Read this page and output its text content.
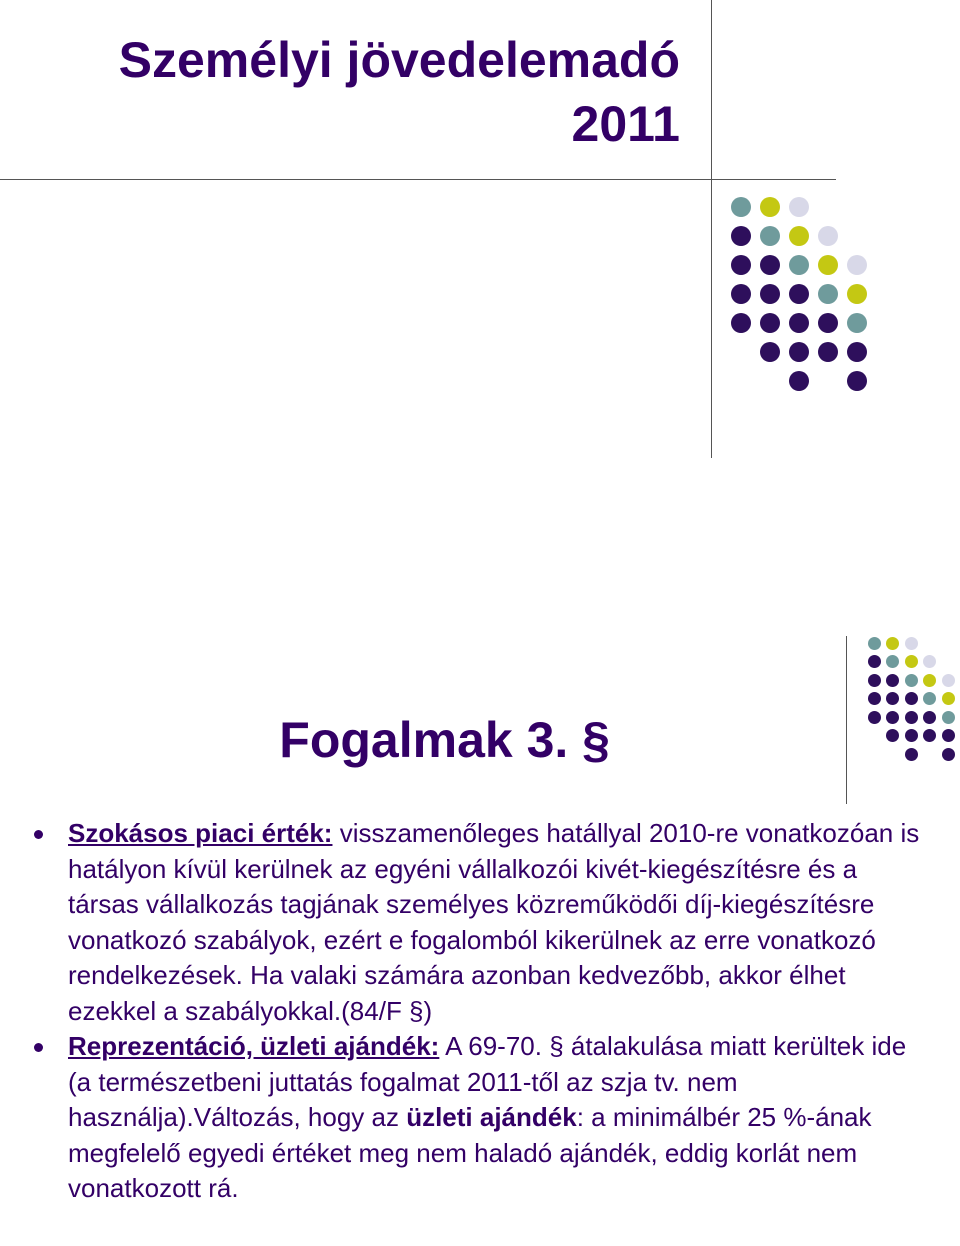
Személyi jövedelemadó
2011
Fogalmak 3. §
Szokásos piaci érték: visszamenőleges hatállyal 2010-re vonatkozóan is hatályon kívül kerülnek az egyéni vállalkozói kivét-kiegészítésre és a társas vállalkozás tagjának személyes közreműködői díj-kiegészítésre vonatkozó szabályok, ezért e fogalomból kikerülnek az erre vonatkozó rendelkezések. Ha valaki számára azonban kedvezőbb, akkor élhet ezekkel a szabályokkal.(84/F §)
Reprezentáció, üzleti ajándék: A 69-70. § átalakulása miatt kerültek ide (a természetbeni juttatás fogalmat 2011-től az szja tv. nem használja).Változás, hogy az üzleti ajándék: a minimálbér 25 %-ának megfelelő egyedi értéket meg nem haladó ajándék, eddig korlát nem vonatkozott rá.
